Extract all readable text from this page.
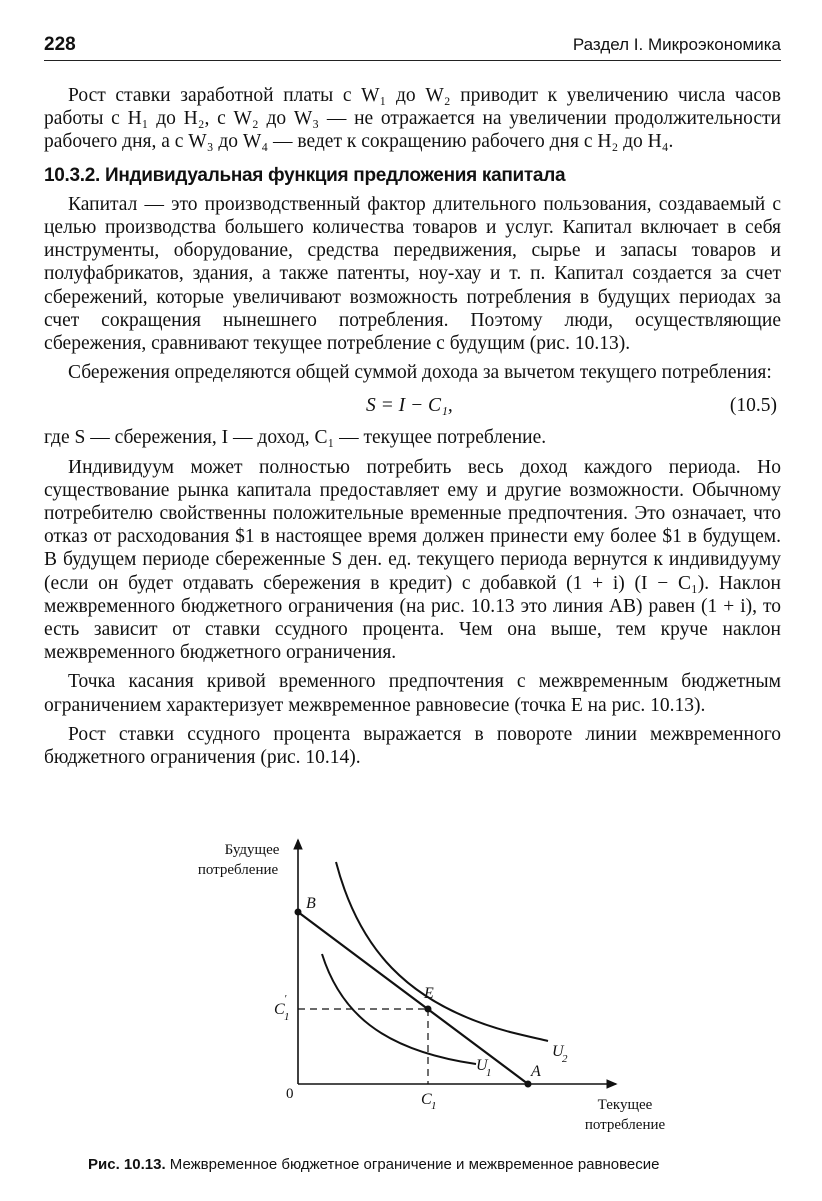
228	Раздел I. Микроэкономика

Рост ставки заработной платы с W₁ до W₂ приводит к увеличению числа часов работы с H₁ до H₂, с W₂ до W₃ — не отражается на увеличении продолжительности рабочего дня, а с W₃ до W₄ — ведет к сокращению рабочего дня с H₂ до H₄.

10.3.2. Индивидуальная функция предложения капитала

Капитал — это производственный фактор длительного пользования, создаваемый с целью производства большего количества товаров и услуг. Капитал включает в себя инструменты, оборудование, средства передвижения, сырье и запасы товаров и полуфабрикатов, здания, а также патенты, ноу-хау и т. п. Капитал создается за счет сбережений, которые увеличивают возможность потребления в будущих периодах за счет сокращения нынешнего потребления. Поэтому люди, осуществляющие сбережения, сравнивают текущее потребление с будущим (рис. 10.13).

Сбережения определяются общей суммой дохода за вычетом текущего потребления:

S = I − C₁,	(10.5)

где S — сбережения, I — доход, C₁ — текущее потребление.

Индивидуум может полностью потребить весь доход каждого периода. Но существование рынка капитала предоставляет ему и другие возможности. Обычному потребителю свойственны положительные временные предпочтения. Это означает, что отказ от расходования $1 в настоящее время должен принести ему более $1 в будущем. В будущем периоде сбереженные S ден. ед. текущего периода вернутся к индивидууму (если он будет отдавать сбережения в кредит) с добавкой (1 + i) (I − C₁). Наклон межвременного бюджетного ограничения (на рис. 10.13 это линия AB) равен (1 + i), то есть зависит от ставки ссудного процента. Чем она выше, тем круче наклон межвременного бюджетного ограничения.

Точка касания кривой временного предпочтения с межвременным бюджетным ограничением характеризует межвременное равновесие (точка E на рис. 10.13).

Рост ставки ссудного процента выражается в повороте линии межвременного бюджетного ограничения (рис. 10.14).

Будущее
потребление
Текущее
потребление
0
B
E
A
C 1
′
C 1
U
1
U
2
Рис. 10.13. Межвременное бюджетное ограничение и межвременное равновесие
